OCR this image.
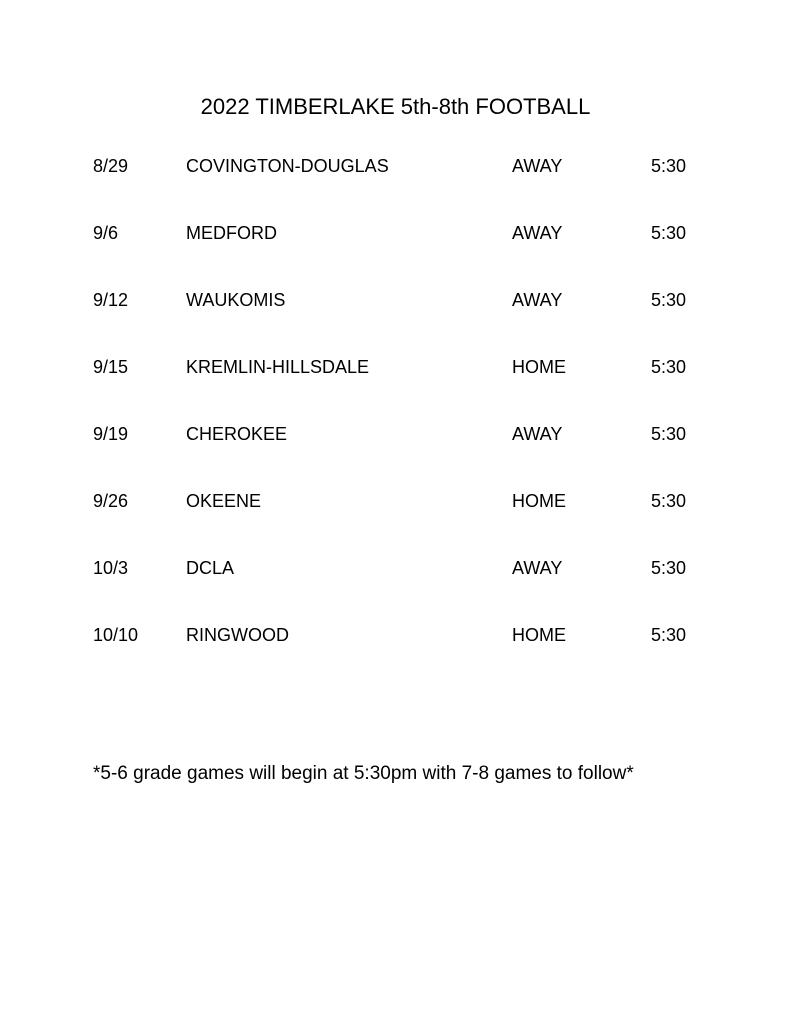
2022 TIMBERLAKE 5th-8th FOOTBALL
8/29	COVINGTON-DOUGLAS	AWAY	5:30
9/6	MEDFORD	AWAY	5:30
9/12	WAUKOMIS	AWAY	5:30
9/15	KREMLIN-HILLSDALE	HOME	5:30
9/19	CHEROKEE	AWAY	5:30
9/26	OKEENE	HOME	5:30
10/3	DCLA	AWAY	5:30
10/10	RINGWOOD	HOME	5:30
*5-6 grade games will begin at 5:30pm with 7-8 games to follow*
